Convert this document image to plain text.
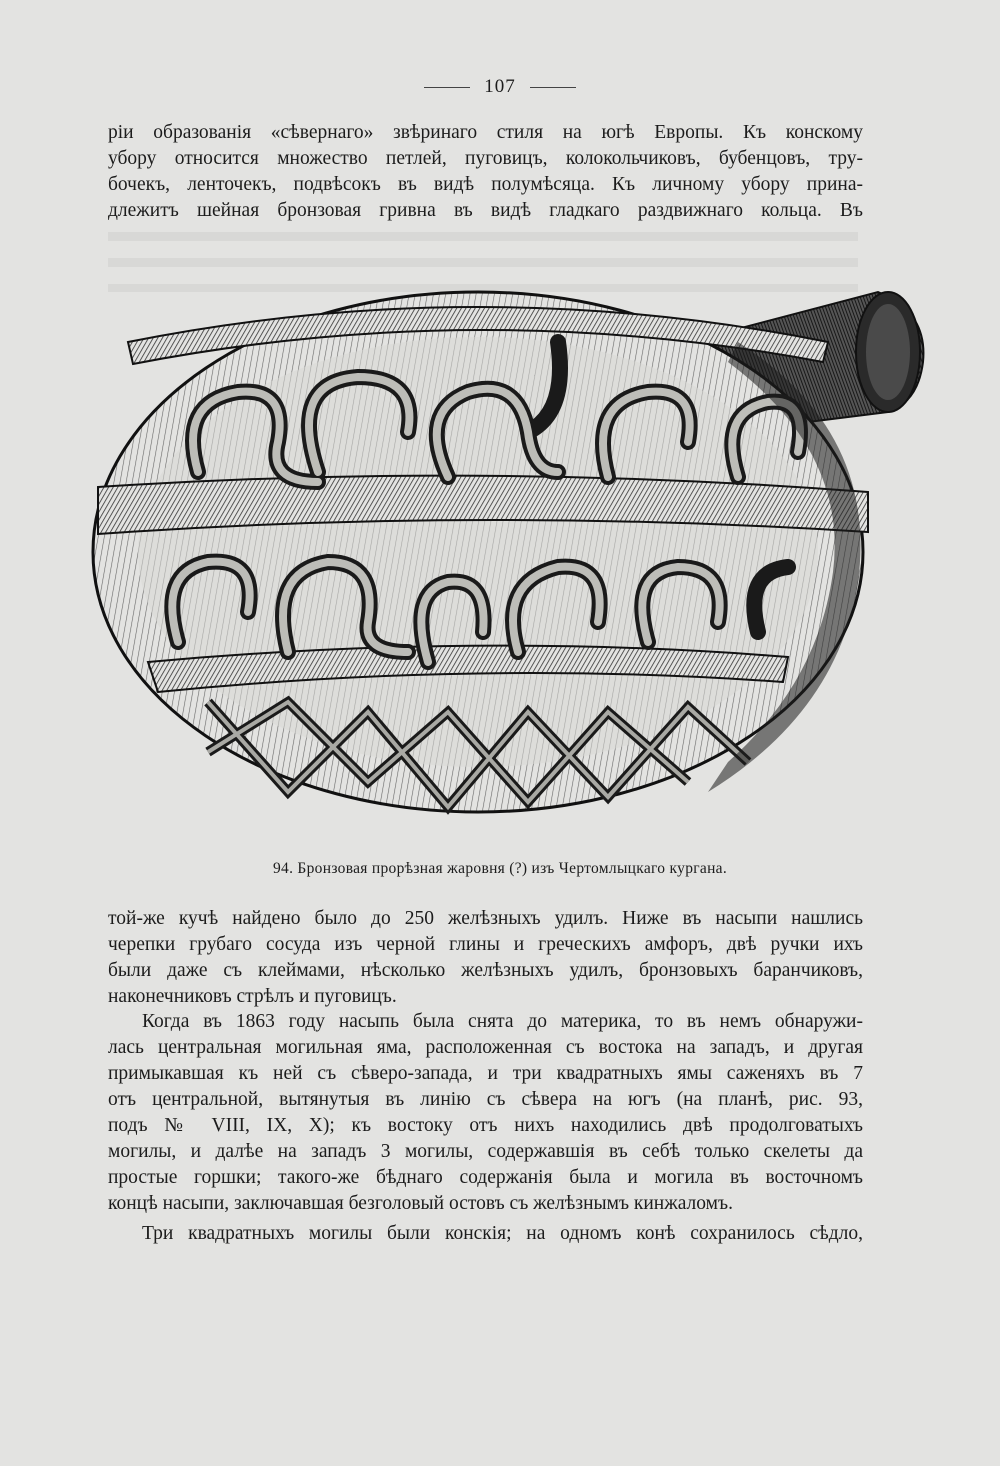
107
ріи образованія «сѣвернаго» звѣринаго стиля на югѣ Европы. Къ конскому
убору относится множество петлей, пуговицъ, колокольчиковъ, бубенцовъ, тру-
бочекъ, ленточекъ, подвѣсокъ въ видѣ полумѣсяца. Къ личному убору прина-
длежитъ шейная бронзовая гривна въ видѣ гладкаго раздвижнаго кольца. Въ
94. Бронзовая прорѣзная жаровня (?) изъ Чертомлыцкаго кургана.
той-же кучѣ найдено было до 250 желѣзныхъ удилъ. Ниже въ насыпи нашлись
черепки грубаго сосуда изъ черной глины и греческихъ амфоръ, двѣ ручки ихъ
были даже съ клеймами, нѣсколько желѣзныхъ удилъ, бронзовыхъ баранчиковъ,
наконечниковъ стрѣлъ и пуговицъ.
Когда въ 1863 году насыпь была снята до материка, то въ немъ обнаружи-
лась центральная могильная яма, расположенная съ востока на западъ, и другая
примыкавшая къ ней съ сѣверо-запада, и три квадратныхъ ямы саженяхъ въ 7
отъ центральной, вытянутыя въ линію съ сѣвера на югъ (на планѣ, рис. 93,
подъ № VIII, IX, X); къ востоку отъ нихъ находились двѣ продолговатыхъ
могилы, и далѣе на западъ 3 могилы, содержавшія въ себѣ только скелеты да
простые горшки; такого-же бѣднаго содержанія была и могила въ восточномъ
концѣ насыпи, заключавшая безголовый остовъ съ желѣзнымъ кинжаломъ.
Три квадратныхъ могилы были конскія; на одномъ конѣ сохранилось сѣдло,
